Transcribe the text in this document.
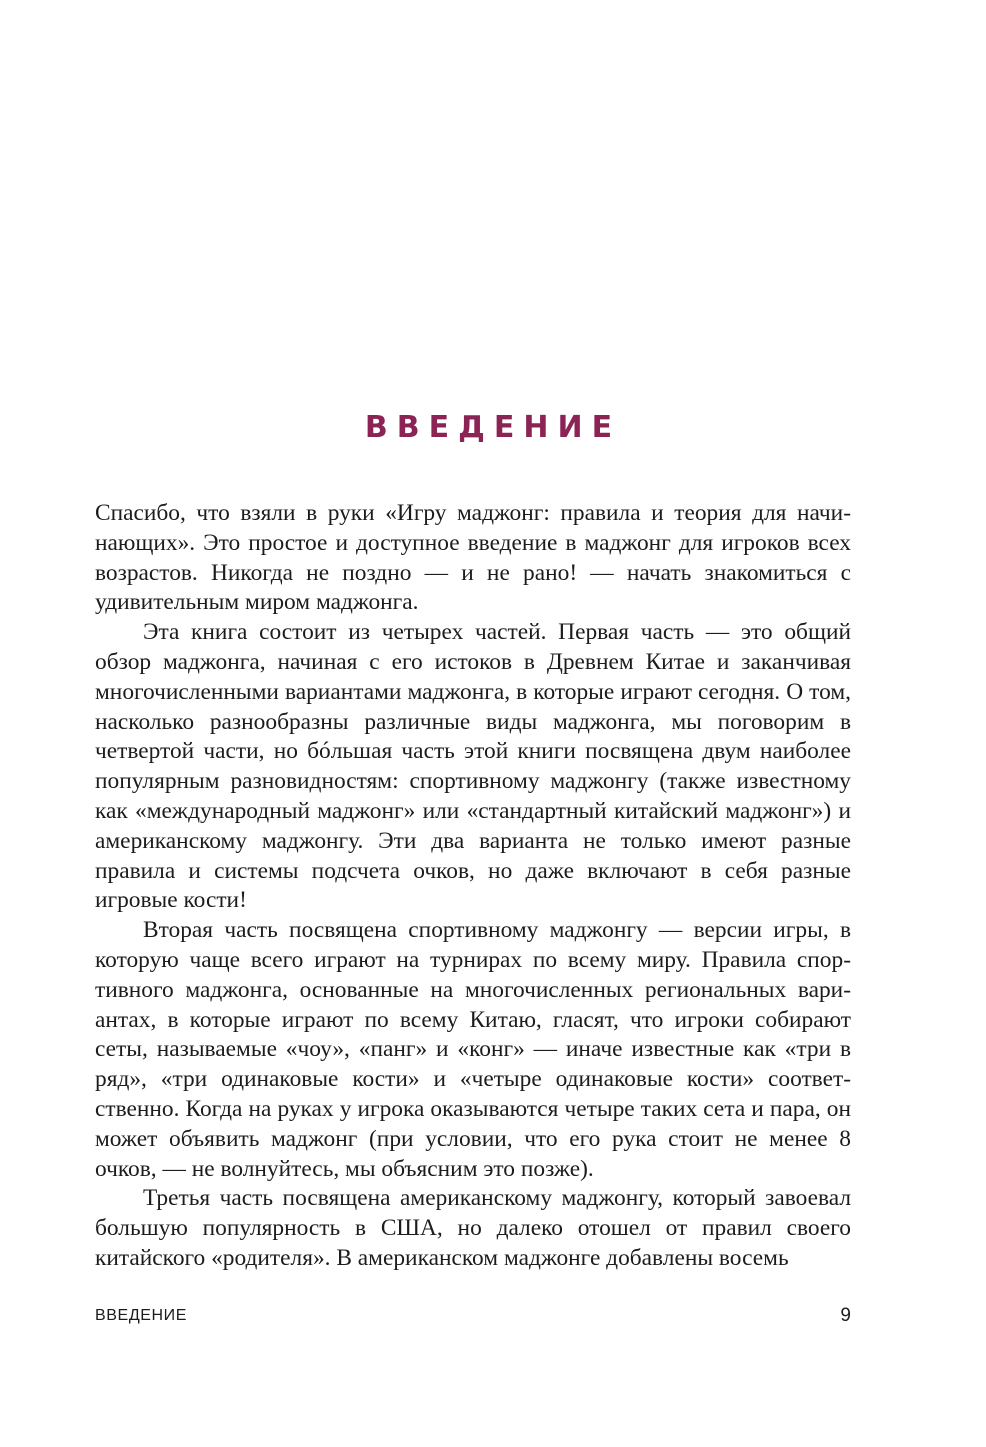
ВВЕДЕНИЕ

Спасибо, что взяли в руки «Игру маджонг: правила и теория для начинающих». Это простое и доступное введение в маджонг для игроков всех возрастов. Никогда не поздно — и не рано! — начать знакомиться с удивительным миром маджонга.

Эта книга состоит из четырех частей. Первая часть — это общий обзор маджонга, начиная с его истоков в Древнем Китае и заканчивая многочисленными вариантами маджонга, в которые играют сегодня. О том, насколько разнообразны различные виды маджонга, мы поговорим в четвертой части, но бóльшая часть этой книги посвящена двум наиболее популярным разновидностям: спортивному маджонгу (также известному как «международный маджонг» или «стандартный китайский маджонг») и американскому маджонгу. Эти два варианта не только имеют разные правила и системы подсчета очков, но даже включают в себя разные игровые кости!

Вторая часть посвящена спортивному маджонгу — версии игры, в которую чаще всего играют на турнирах по всему миру. Правила спортивного маджонга, основанные на многочисленных региональных вариантах, в которые играют по всему Китаю, гласят, что игроки собирают сеты, называемые «чоу», «панг» и «конг» — иначе известные как «три в ряд», «три одинаковые кости» и «четыре одинаковые кости» соответственно. Когда на руках у игрока оказываются четыре таких сета и пара, он может объявить маджонг (при условии, что его рука стоит не менее 8 очков, — не волнуйтесь, мы объясним это позже).

Третья часть посвящена американскому маджонгу, который завоевал большую популярность в США, но далеко отошел от правил своего китайского «родителя». В американском маджонге добавлены восемь

ВВЕДЕНИЕ	9
